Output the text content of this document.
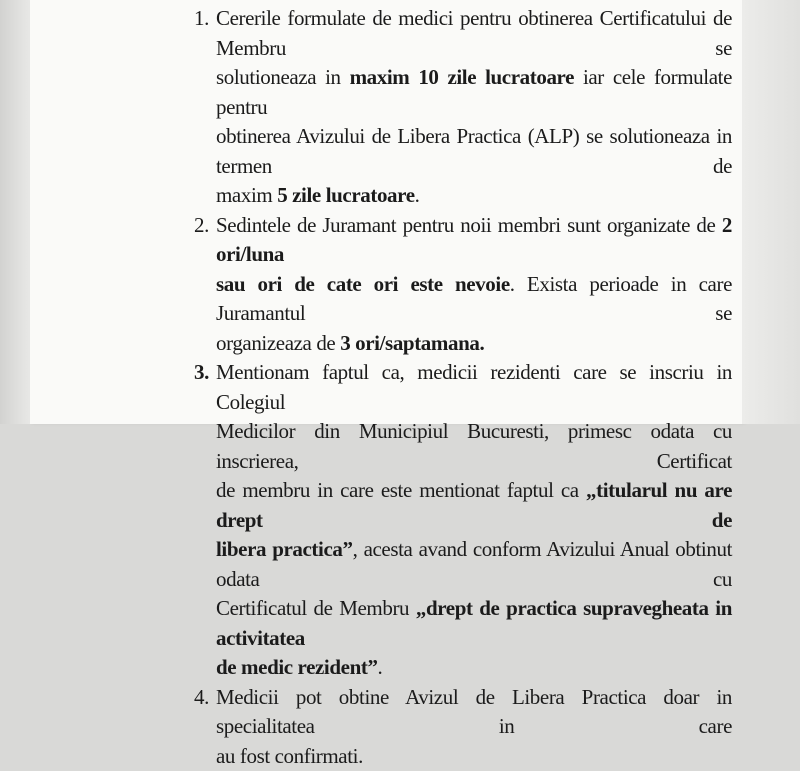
1. Cererile formulate de medici pentru obtinerea Certificatului de Membru se
solutioneaza in maxim 10 zile lucratoare iar cele formulate pentru
obtinerea Avizului de Libera Practica (ALP) se solutioneaza in termen de
maxim 5 zile lucratoare.
2. Sedintele de Juramant pentru noii membri sunt organizate de 2 ori/luna
sau ori de cate ori este nevoie. Exista perioade in care Juramantul se
organizeaza de 3 ori/saptamana.
3. Mentionam faptul ca, medicii rezidenti care se inscriu in Colegiul
Medicilor din Municipiul Bucuresti, primesc odata cu inscrierea, Certificat
de membru in care este mentionat faptul ca „titularul nu are drept de
libera practica”, acesta avand conform Avizului Anual obtinut odata cu
Certificatul de Membru „drept de practica supravegheata in activitatea
de medic rezident”.
4. Medicii pot obtine Avizul de Libera Practica doar in specialitatea in care
au fost confirmati.
